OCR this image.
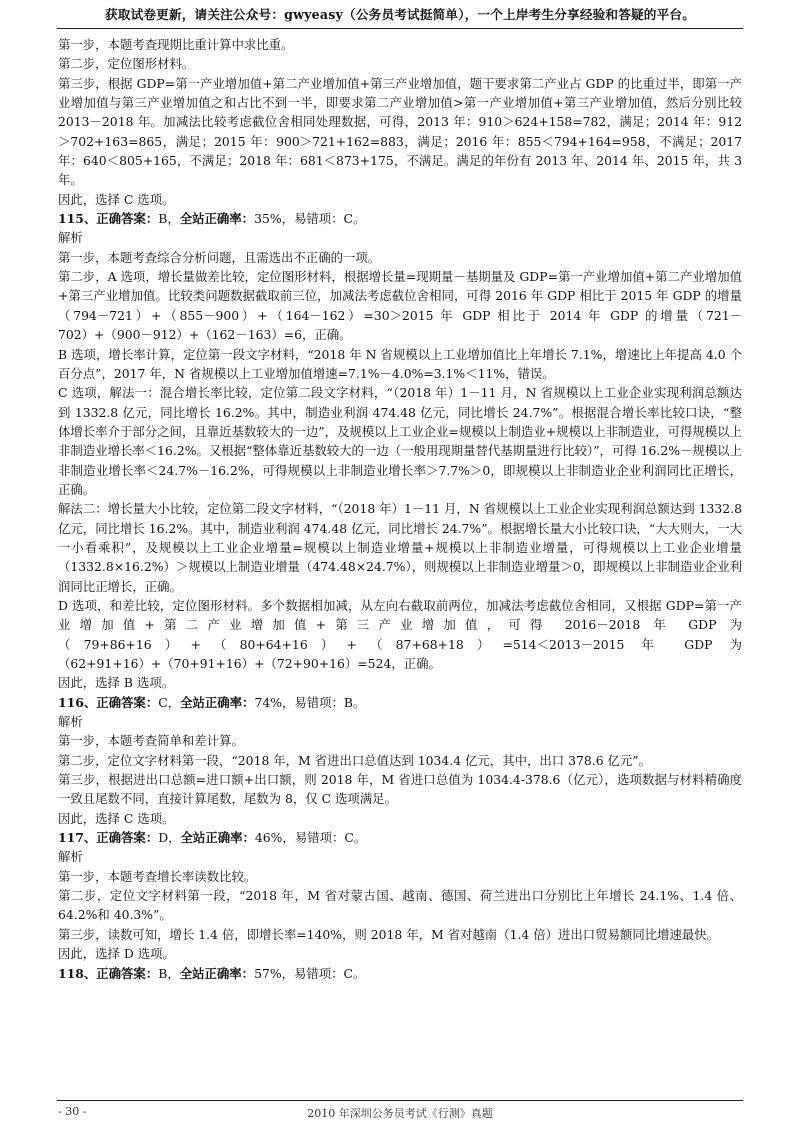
获取试卷更新，请关注公众号：gwyeasy（公务员考试挺简单），一个上岸考生分享经验和答疑的平台。

第一步，本题考查现期比重计算中求比重。

第二步，定位图形材料。

第三步，根据 GDP=第一产业增加值+第二产业增加值+第三产业增加值，题干要求第二产业占 GDP 的比重过半，即第一产业增加值与第三产业增加值之和占比不到一半，即要求第二产业增加值>第一产业增加值+第三产业增加值，然后分别比较 2013－2018 年。加减法比较考虑截位舍相同处理数据，可得，2013 年：910＞624+158=782，满足；2014 年：912＞702+163=865，满足；2015 年：900＞721+162=883，满足；2016 年：855＜794+164=958，不满足；2017 年：640＜805+165，不满足；2018 年：681＜873+175，不满足。满足的年份有 2013 年、2014 年、2015 年，共 3 年。

因此，选择 C 选项。

115、正确答案：B，全站正确率：35%，易错项：C。

解析

第一步，本题考查综合分析问题，且需选出不正确的一项。

第二步，A 选项，增长量做差比较，定位图形材料，根据增长量=现期量－基期量及 GDP=第一产业增加值+第二产业增加值+第三产业增加值。比较类问题数据截取前三位，加减法考虑截位舍相同，可得 2016 年 GDP 相比于 2015 年 GDP 的增量（794－721）+（855－900）+（164－162）=30＞2015 年 GDP 相比于 2014 年 GDP 的增量（721－702）+（900－912）+（162－163）=6，正确。

B 选项，增长率计算，定位第一段文字材料，“2018 年 N 省规模以上工业增加值比上年增长 7.1%，增速比上年提高 4.0 个百分点”，2017 年，N 省规模以上工业增加值增速=7.1%－4.0%=3.1%＜11%，错误。

C 选项，解法一：混合增长率比较，定位第二段文字材料，“（2018 年）1－11 月，N 省规模以上工业企业实现利润总额达到 1332.8 亿元，同比增长 16.2%。其中，制造业利润 474.48 亿元，同比增长 24.7%”。根据混合增长率比较口诀，“整体增长率介于部分之间，且靠近基数较大的一边”，及规模以上工业企业=规模以上制造业+规模以上非制造业，可得规模以上非制造业增长率＜16.2%。又根据“整体靠近基数较大的一边（一般用现期量替代基期量进行比较）”，可得 16.2%－规模以上非制造业增长率＜24.7%－16.2%，可得规模以上非制造业增长率＞7.7%＞0，即规模以上非制造业企业利润同比正增长，正确。

解法二：增长量大小比较，定位第二段文字材料，“（2018 年）1－11 月，N 省规模以上工业企业实现利润总额达到 1332.8 亿元，同比增长 16.2%。其中，制造业利润 474.48 亿元，同比增长 24.7%”。根据增长量大小比较口诀，“大大则大，一大一小看乘积”，及规模以上工业企业增量=规模以上制造业增量+规模以上非制造业增量，可得规模以上工业企业增量（1332.8×16.2%）＞规模以上制造业增量（474.48×24.7%），则规模以上非制造业增量＞0，即规模以上非制造业企业利润同比正增长，正确。

D 选项，和差比较，定位图形材料。多个数据相加减，从左向右截取前两位，加减法考虑截位舍相同，又根据 GDP=第一产业增加值+第二产业增加值+第三产业增加值，可得 2016－2018 年 GDP 为（79+86+16）+（80+64+16）+（87+68+18）=514＜2013－2015 年 GDP 为（62+91+16）+（70+91+16）+（72+90+16）=524，正确。

因此，选择 B 选项。

116、正确答案：C，全站正确率：74%，易错项：B。

解析

第一步，本题考查简单和差计算。

第二步，定位文字材料第一段，“2018 年，M 省进出口总值达到 1034.4 亿元，其中，出口 378.6 亿元”。

第三步，根据进出口总额=进口额+出口额，则 2018 年，M 省进口总值为 1034.4-378.6（亿元），选项数据与材料精确度一致且尾数不同，直接计算尾数，尾数为 8，仅 C 选项满足。

因此，选择 C 选项。

117、正确答案：D，全站正确率：46%，易错项：C。

解析

第一步，本题考查增长率读数比较。

第二步，定位文字材料第一段，“2018 年，M 省对蒙古国、越南、德国、荷兰进出口分别比上年增长 24.1%、1.4 倍、64.2%和 40.3%”。

第三步，读数可知，增长 1.4 倍，即增长率=140%，则 2018 年，M 省对越南（1.4 倍）进出口贸易额同比增速最快。

因此，选择 D 选项。

118、正确答案：B，全站正确率：57%，易错项：C。

- 30 -	2010 年深圳公务员考试《行测》真题
